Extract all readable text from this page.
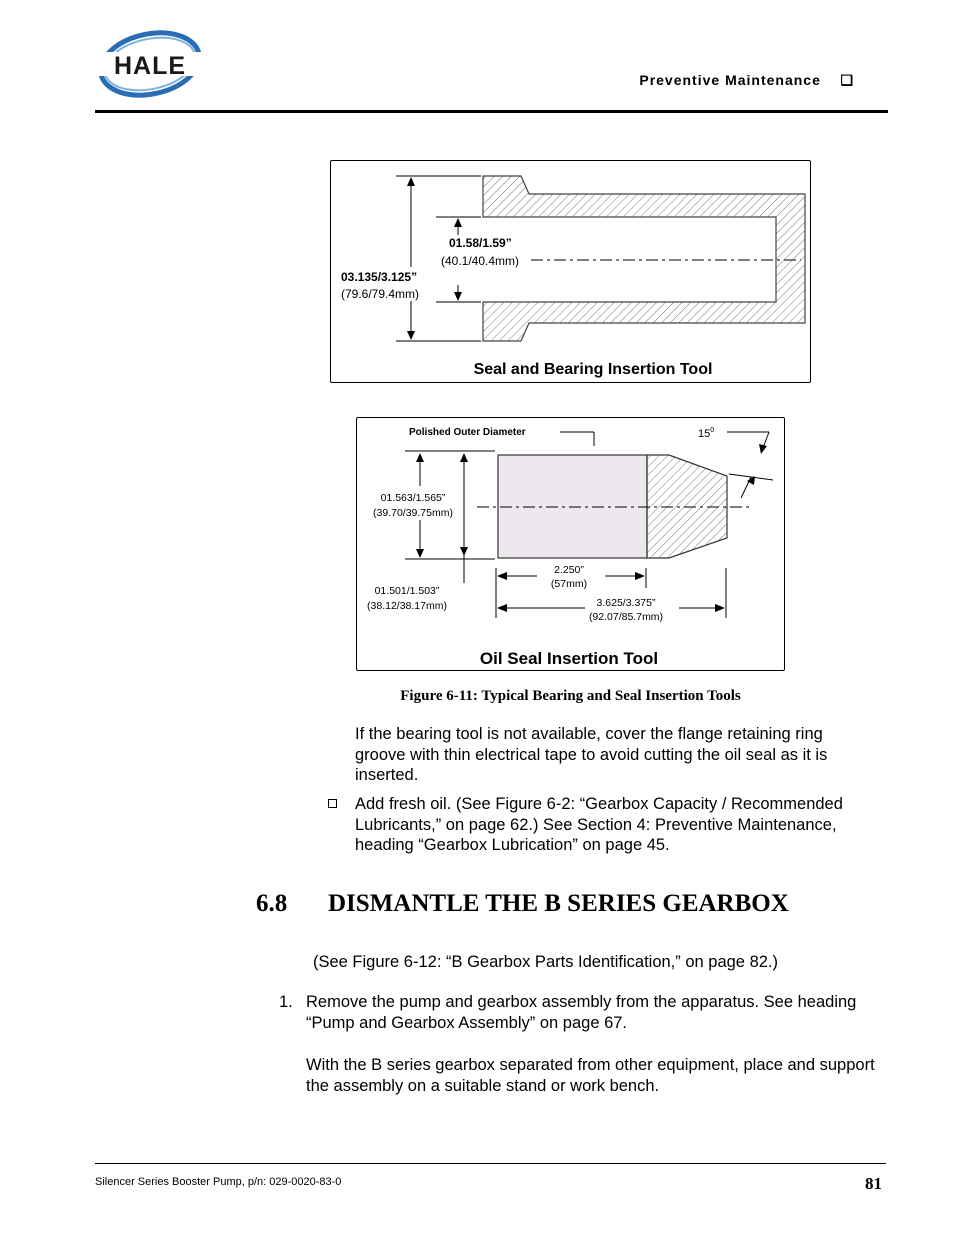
HALE	Preventive Maintenance ❑
01.58/1.59”
(40.1/40.4mm)
03.135/3.125”
(79.6/79.4mm)
Seal and Bearing Insertion Tool
Polished Outer Diameter	$15^0$
01.563/1.565”
(39.70/39.75mm)
01.501/1.503”
(38.12/38.17mm)
2.250”
(57mm)
3.625/3.375”
(92.07/85.7mm)
Oil Seal Insertion Tool
Figure 6-11: Typical Bearing and Seal Insertion Tools
If the bearing tool is not available, cover the flange retaining ring groove with thin electrical tape to avoid cutting the oil seal as it is inserted.
Add fresh oil. (See Figure 6-2: “Gearbox Capacity / Recommended Lubricants,” on page 62.) See Section 4: Preventive Maintenance, heading “Gearbox Lubrication” on page 45.
6.8 DISMANTLE THE B SERIES GEARBOX
(See Figure 6-12: “B Gearbox Parts Identification,” on page 82.)
1. Remove the pump and gearbox assembly from the apparatus. See heading “Pump and Gearbox Assembly” on page 67.
With the B series gearbox separated from other equipment, place and support the assembly on a suitable stand or work bench.
Silencer Series Booster Pump, p/n: 029-0020-83-0	81
